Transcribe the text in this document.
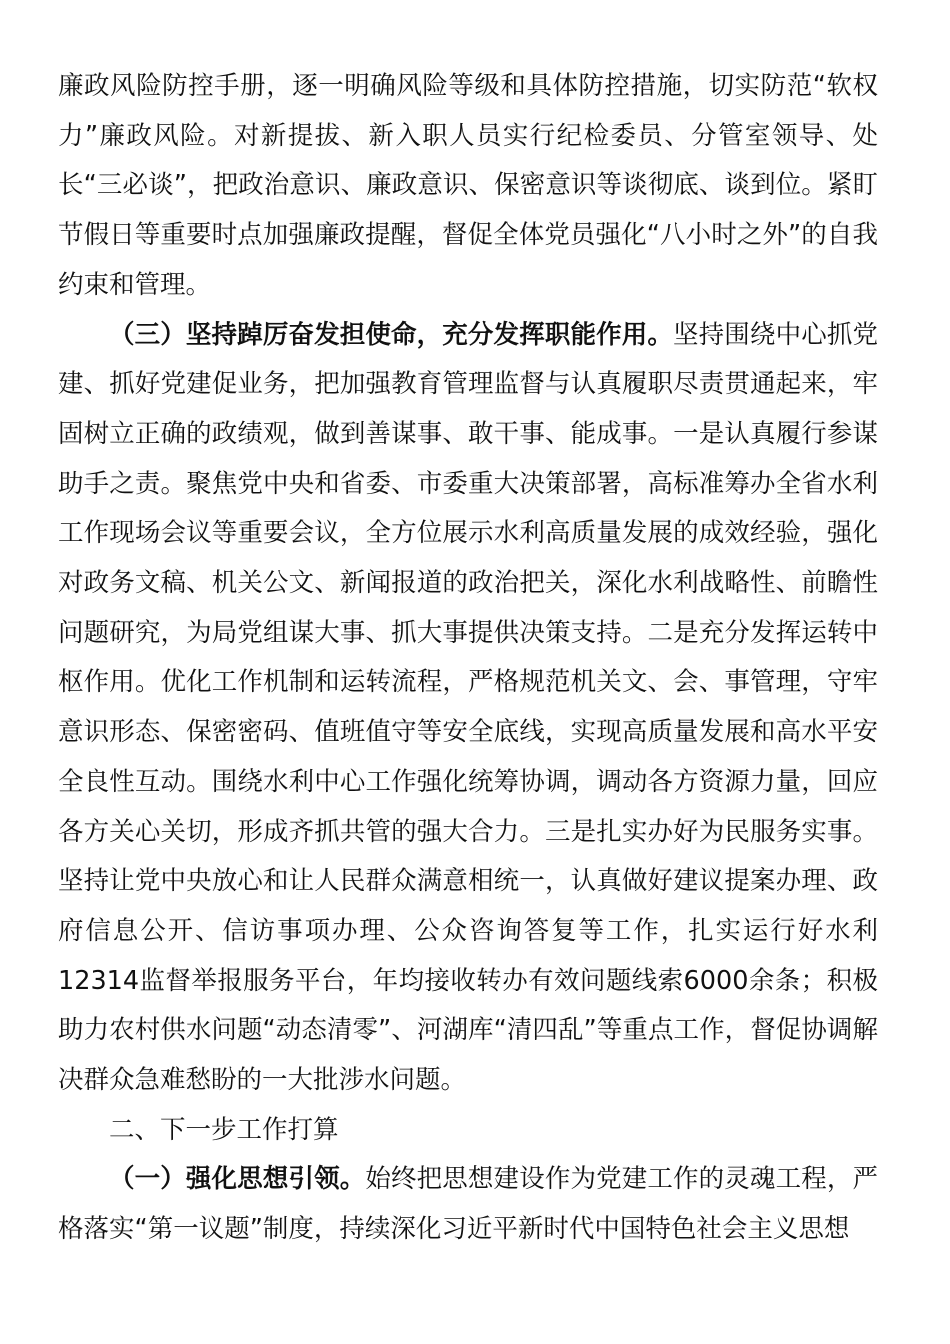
廉政风险防控手册，逐一明确风险等级和具体防控措施，切实防范“软权力”廉政风险。对新提拔、新入职人员实行纪检委员、分管室领导、处长“三必谈”，把政治意识、廉政意识、保密意识等谈彻底、谈到位。紧盯节假日等重要时点加强廉政提醒，督促全体党员强化“八小时之外”的自我约束和管理。

（三）坚持踔厉奋发担使命，充分发挥职能作用。坚持围绕中心抓党建、抓好党建促业务，把加强教育管理监督与认真履职尽责贯通起来，牢固树立正确的政绩观，做到善谋事、敢干事、能成事。一是认真履行参谋助手之责。聚焦党中央和省委、市委重大决策部署，高标准筹办全省水利工作现场会议等重要会议，全方位展示水利高质量发展的成效经验，强化对政务文稿、机关公文、新闻报道的政治把关，深化水利战略性、前瞻性问题研究，为局党组谋大事、抓大事提供决策支持。二是充分发挥运转中枢作用。优化工作机制和运转流程，严格规范机关文、会、事管理，守牢意识形态、保密密码、值班值守等安全底线，实现高质量发展和高水平安全良性互动。围绕水利中心工作强化统筹协调，调动各方资源力量，回应各方关心关切，形成齐抓共管的强大合力。三是扎实办好为民服务实事。坚持让党中央放心和让人民群众满意相统一，认真做好建议提案办理、政府信息公开、信访事项办理、公众咨询答复等工作，扎实运行好水利12314监督举报服务平台，年均接收转办有效问题线索6000余条；积极助力农村供水问题“动态清零”、河湖库“清四乱”等重点工作，督促协调解决群众急难愁盼的一大批涉水问题。

二、下一步工作打算

（一）强化思想引领。始终把思想建设作为党建工作的灵魂工程，严格落实“第一议题”制度，持续深化习近平新时代中国特色社会主义思想
